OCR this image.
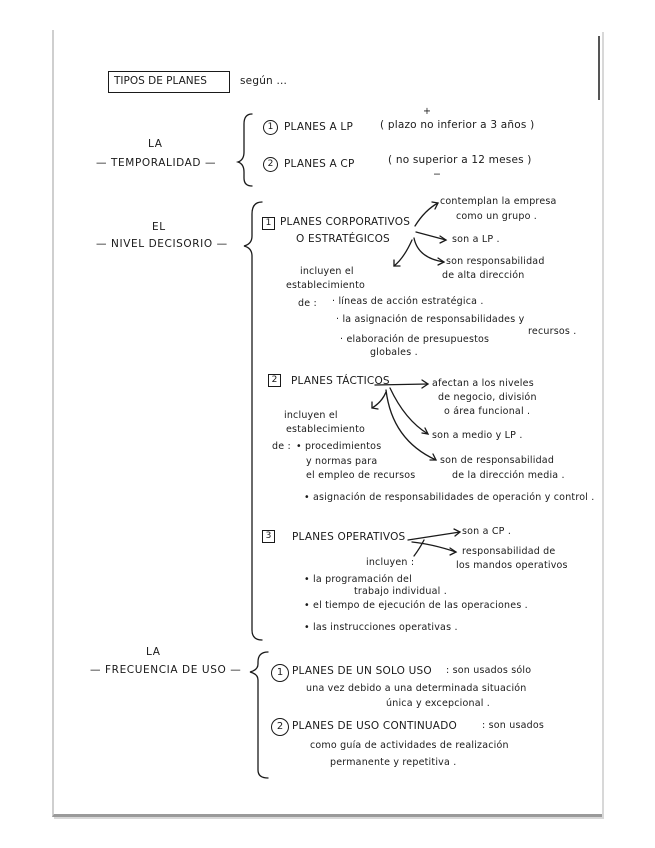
TIPOS DE PLANES	según ...
LA
— TEMPORALIDAD —
+
1	PLANES A LP	( plazo no inferior a 3 años )
2	PLANES A CP	( no superior a 12 meses )
−
EL
— NIVEL DECISORIO —
1 PLANES CORPORATIVOS
O ESTRATÉGICOS
contemplan la empresa
como un grupo .
son a LP .
son responsabilidad
de alta dirección
incluyen el
establecimiento
de : · líneas de acción estratégica .
· la asignación de responsabilidades y
recursos .
· elaboración de presupuestos
globales .
2	PLANES TÁCTICOS	afectan a los niveles
de negocio, división
o área funcional .
son a medio y LP .
son de responsabilidad
de la dirección media .
incluyen el
establecimiento
de : • procedimientos
y normas para
el empleo de recursos
• asignación de responsabilidades de operación y control .
3	PLANES OPERATIVOS	son a CP .
responsabilidad de
los mandos operativos
incluyen :
• la programación del
trabajo individual .
• el tiempo de ejecución de las operaciones .
• las instrucciones operativas .
LA
— FRECUENCIA DE USO —	1 PLANES DE UN SOLO USO : son usados sólo
una vez debido a una determinada situación
única y excepcional .
2 PLANES DE USO CONTINUADO	: son usados
como guía de actividades de realización
permanente y repetitiva .
